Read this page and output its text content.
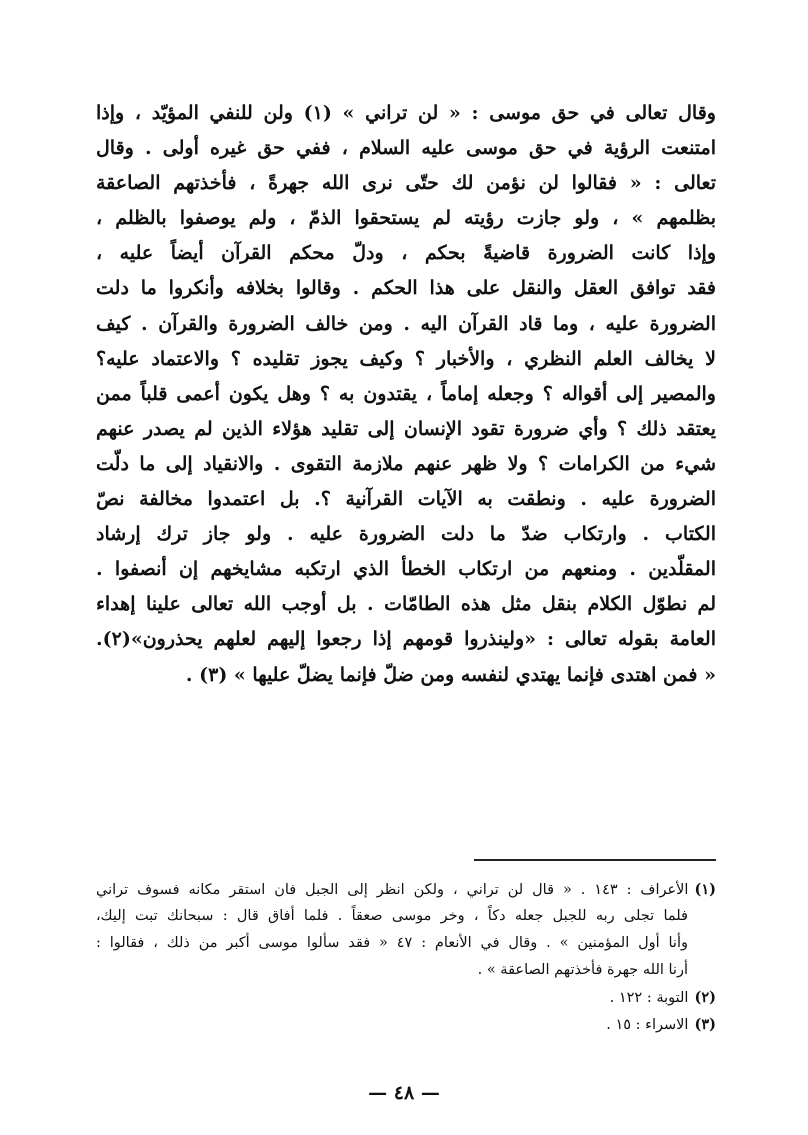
وقال تعالى في حق موسى : « لن تراني » (١) ولن للنفي المؤيّد ، وإذا
امتنعت الرؤية في حق موسى عليه السلام ، ففي حق غيره أولى . وقال
تعالى : « فقالوا لن نؤمن لك حتّى نرى الله جهرةً ، فأخذتهم الصاعقة
بظلمهم » ، ولو جازت رؤيته لم يستحقوا الذمّ ، ولم يوصفوا بالظلم ،
وإذا كانت الضرورة قاضيةً بحكم ، ودلّ محكم القرآن أيضاً عليه ،
فقد توافق العقل والنقل على هذا الحكم . وقالوا بخلافه وأنكروا ما دلت
الضرورة عليه ، وما قاد القرآن اليه . ومن خالف الضرورة والقرآن . كيف
لا يخالف العلم النظري ، والأخبار ؟ وكيف يجوز تقليده ؟ والاعتماد عليه؟
والمصير إلى أقواله ؟ وجعله إماماً ، يقتدون به ؟ وهل يكون أعمى قلباً ممن
يعتقد ذلك ؟ وأي ضرورة تقود الإنسان إلى تقليد هؤلاء الذين لم يصدر عنهم
شيء من الكرامات ؟ ولا ظهر عنهم ملازمة التقوى . والانقياد إلى ما دلّت
الضرورة عليه . ونطقت به الآيات القرآنية ؟. بل اعتمدوا مخالفة نصّ
الكتاب . وارتكاب ضدّ ما دلت الضرورة عليه . ولو جاز ترك إرشاد
المقلّدين . ومنعهم من ارتكاب الخطأ الذي ارتكبه مشايخهم إن أنصفوا .
لم نطوّل الكلام بنقل مثل هذه الطامّات . بل أوجب الله تعالى علينا إهداء
العامة بقوله تعالى : «ولينذروا قومهم إذا رجعوا إليهم لعلهم يحذرون»(٢).
« فمن اهتدى فإنما يهتدي لنفسه ومن ضلّ فإنما يضلّ عليها » (٣) .
(١)الأعراف : ١٤٣ . « قال لن تراني ، ولكن انظر إلى الجبل فان استقر مكانه فسوف تراني
فلما تجلى ربه للجبل جعله دكاً ، وخر موسى صعقاً . فلما أفاق قال : سبحانك تبت إليك،
وأنا أول المؤمنين » . وقال في الأنعام : ٤٧ « فقد سألوا موسى أكبر من ذلك ، فقالوا :
أرنا الله جهرة فأخذتهم الصاعقة » .
(٢)التوبة : ١٢٢ .
(٣)الاسراء : ١٥ .
— ٤٨ —
